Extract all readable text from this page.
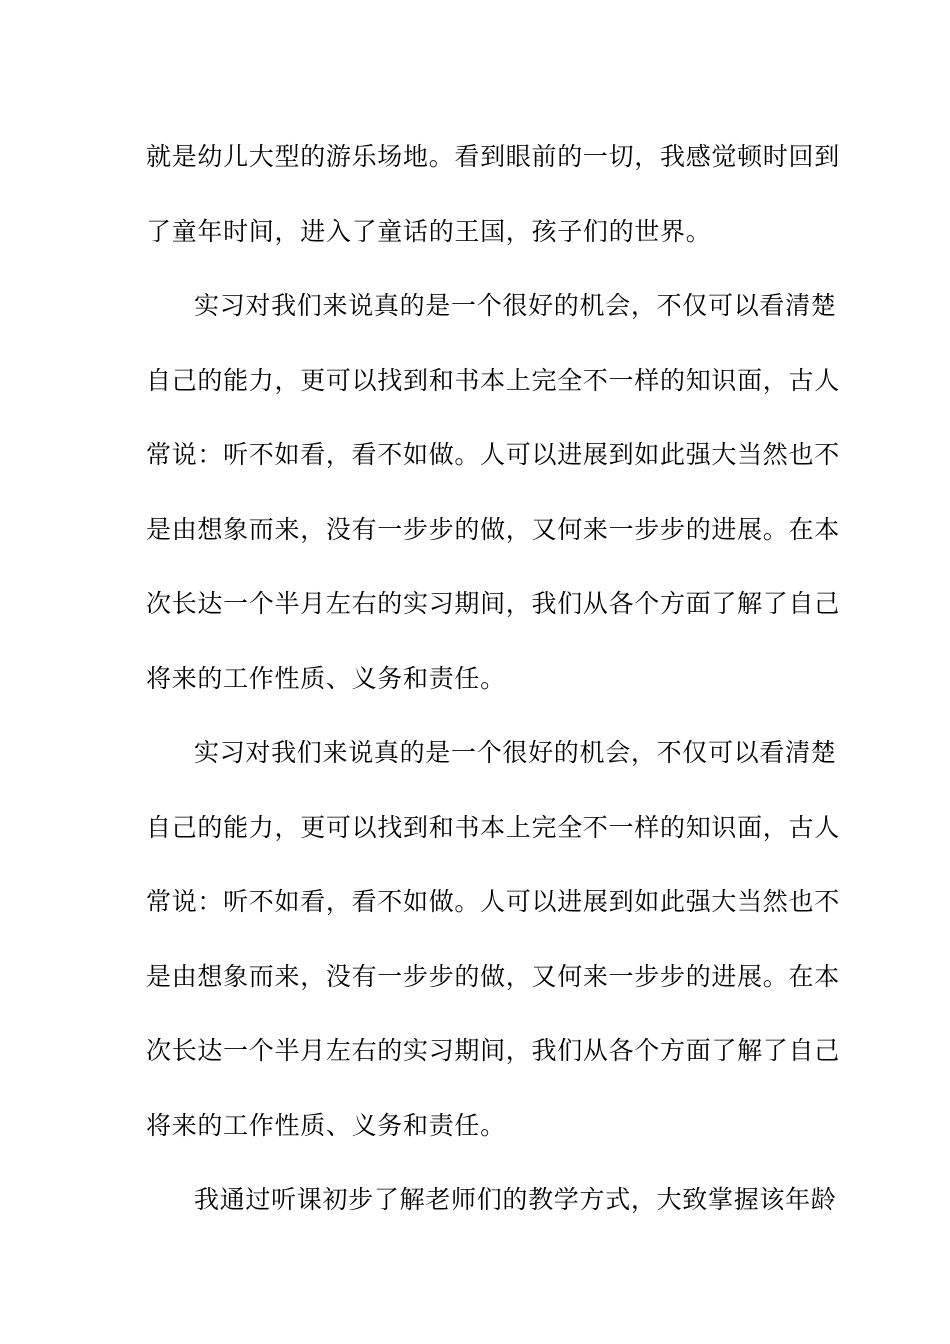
就是幼儿大型的游乐场地。看到眼前的一切，我感觉顿时回到
了童年时间，进入了童话的王国，孩子们的世界。
实习对我们来说真的是一个很好的机会，不仅可以看清楚
自己的能力，更可以找到和书本上完全不一样的知识面，古人
常说：听不如看，看不如做。人可以进展到如此强大当然也不
是由想象而来，没有一步步的做，又何来一步步的进展。在本
次长达一个半月左右的实习期间，我们从各个方面了解了自己
将来的工作性质、义务和责任。
实习对我们来说真的是一个很好的机会，不仅可以看清楚
自己的能力，更可以找到和书本上完全不一样的知识面，古人
常说：听不如看，看不如做。人可以进展到如此强大当然也不
是由想象而来，没有一步步的做，又何来一步步的进展。在本
次长达一个半月左右的实习期间，我们从各个方面了解了自己
将来的工作性质、义务和责任。
我通过听课初步了解老师们的教学方式，大致掌握该年龄
